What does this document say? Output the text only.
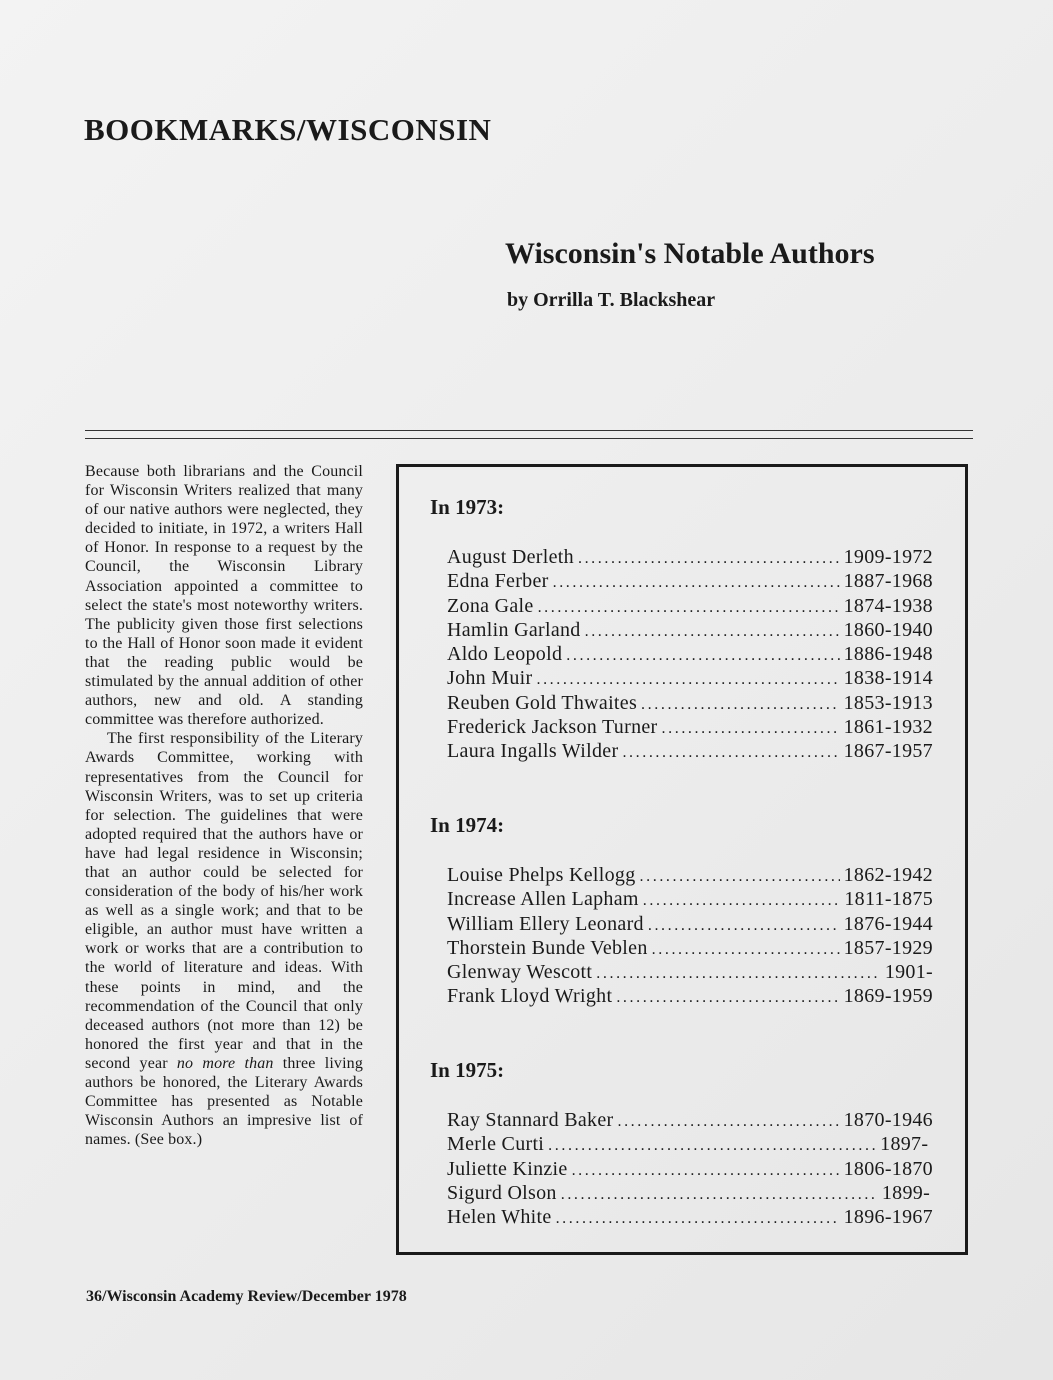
BOOKMARKS/WISCONSIN
Wisconsin's Notable Authors
by Orrilla T. Blackshear

Because both librarians and the Council for Wisconsin Writers realized that many of our native authors were neglected, they decided to initiate, in 1972, a writers Hall of Honor. In response to a request by the Council, the Wisconsin Library Association appointed a committee to select the state's most noteworthy writers. The publicity given those first selections to the Hall of Honor soon made it evident that the reading public would be stimulated by the annual addition of other authors, new and old. A standing committee was therefore authorized.

The first responsibility of the Literary Awards Committee, working with representatives from the Council for Wisconsin Writers, was to set up criteria for selection. The guidelines that were adopted required that the authors have or have had legal residence in Wisconsin; that an author could be selected for consideration of the body of his/her work as well as a single work; and that to be eligible, an author must have written a work or works that are a contribution to the world of literature and ideas. With these points in mind, and the recommendation of the Council that only deceased authors (not more than 12) be honored the first year and that in the second year no more than three living authors be honored, the Literary Awards Committee has presented as Notable Wisconsin Authors an impresive list of names. (See box.)

In 1973:
August Derleth .....	1909-1972
Edna Ferber .....	1887-1968
Zona Gale .....	1874-1938
Hamlin Garland .....	1860-1940
Aldo Leopold .....	1886-1948
John Muir .....	1838-1914
Reuben Gold Thwaites .....	1853-1913
Frederick Jackson Turner .....	1861-1932
Laura Ingalls Wilder .....	1867-1957
In 1974:
Louise Phelps Kellogg .....	1862-1942
Increase Allen Lapham .....	1811-1875
William Ellery Leonard .....	1876-1944
Thorstein Bunde Veblen .....	1857-1929
Glenway Wescott .....	1901-
Frank Lloyd Wright .....	1869-1959
In 1975:
Ray Stannard Baker .....	1870-1946
Merle Curti .....	1897-
Juliette Kinzie .....	1806-1870
Sigurd Olson .....	1899-
Helen White .....	1896-1967
36/Wisconsin Academy Review/December 1978
